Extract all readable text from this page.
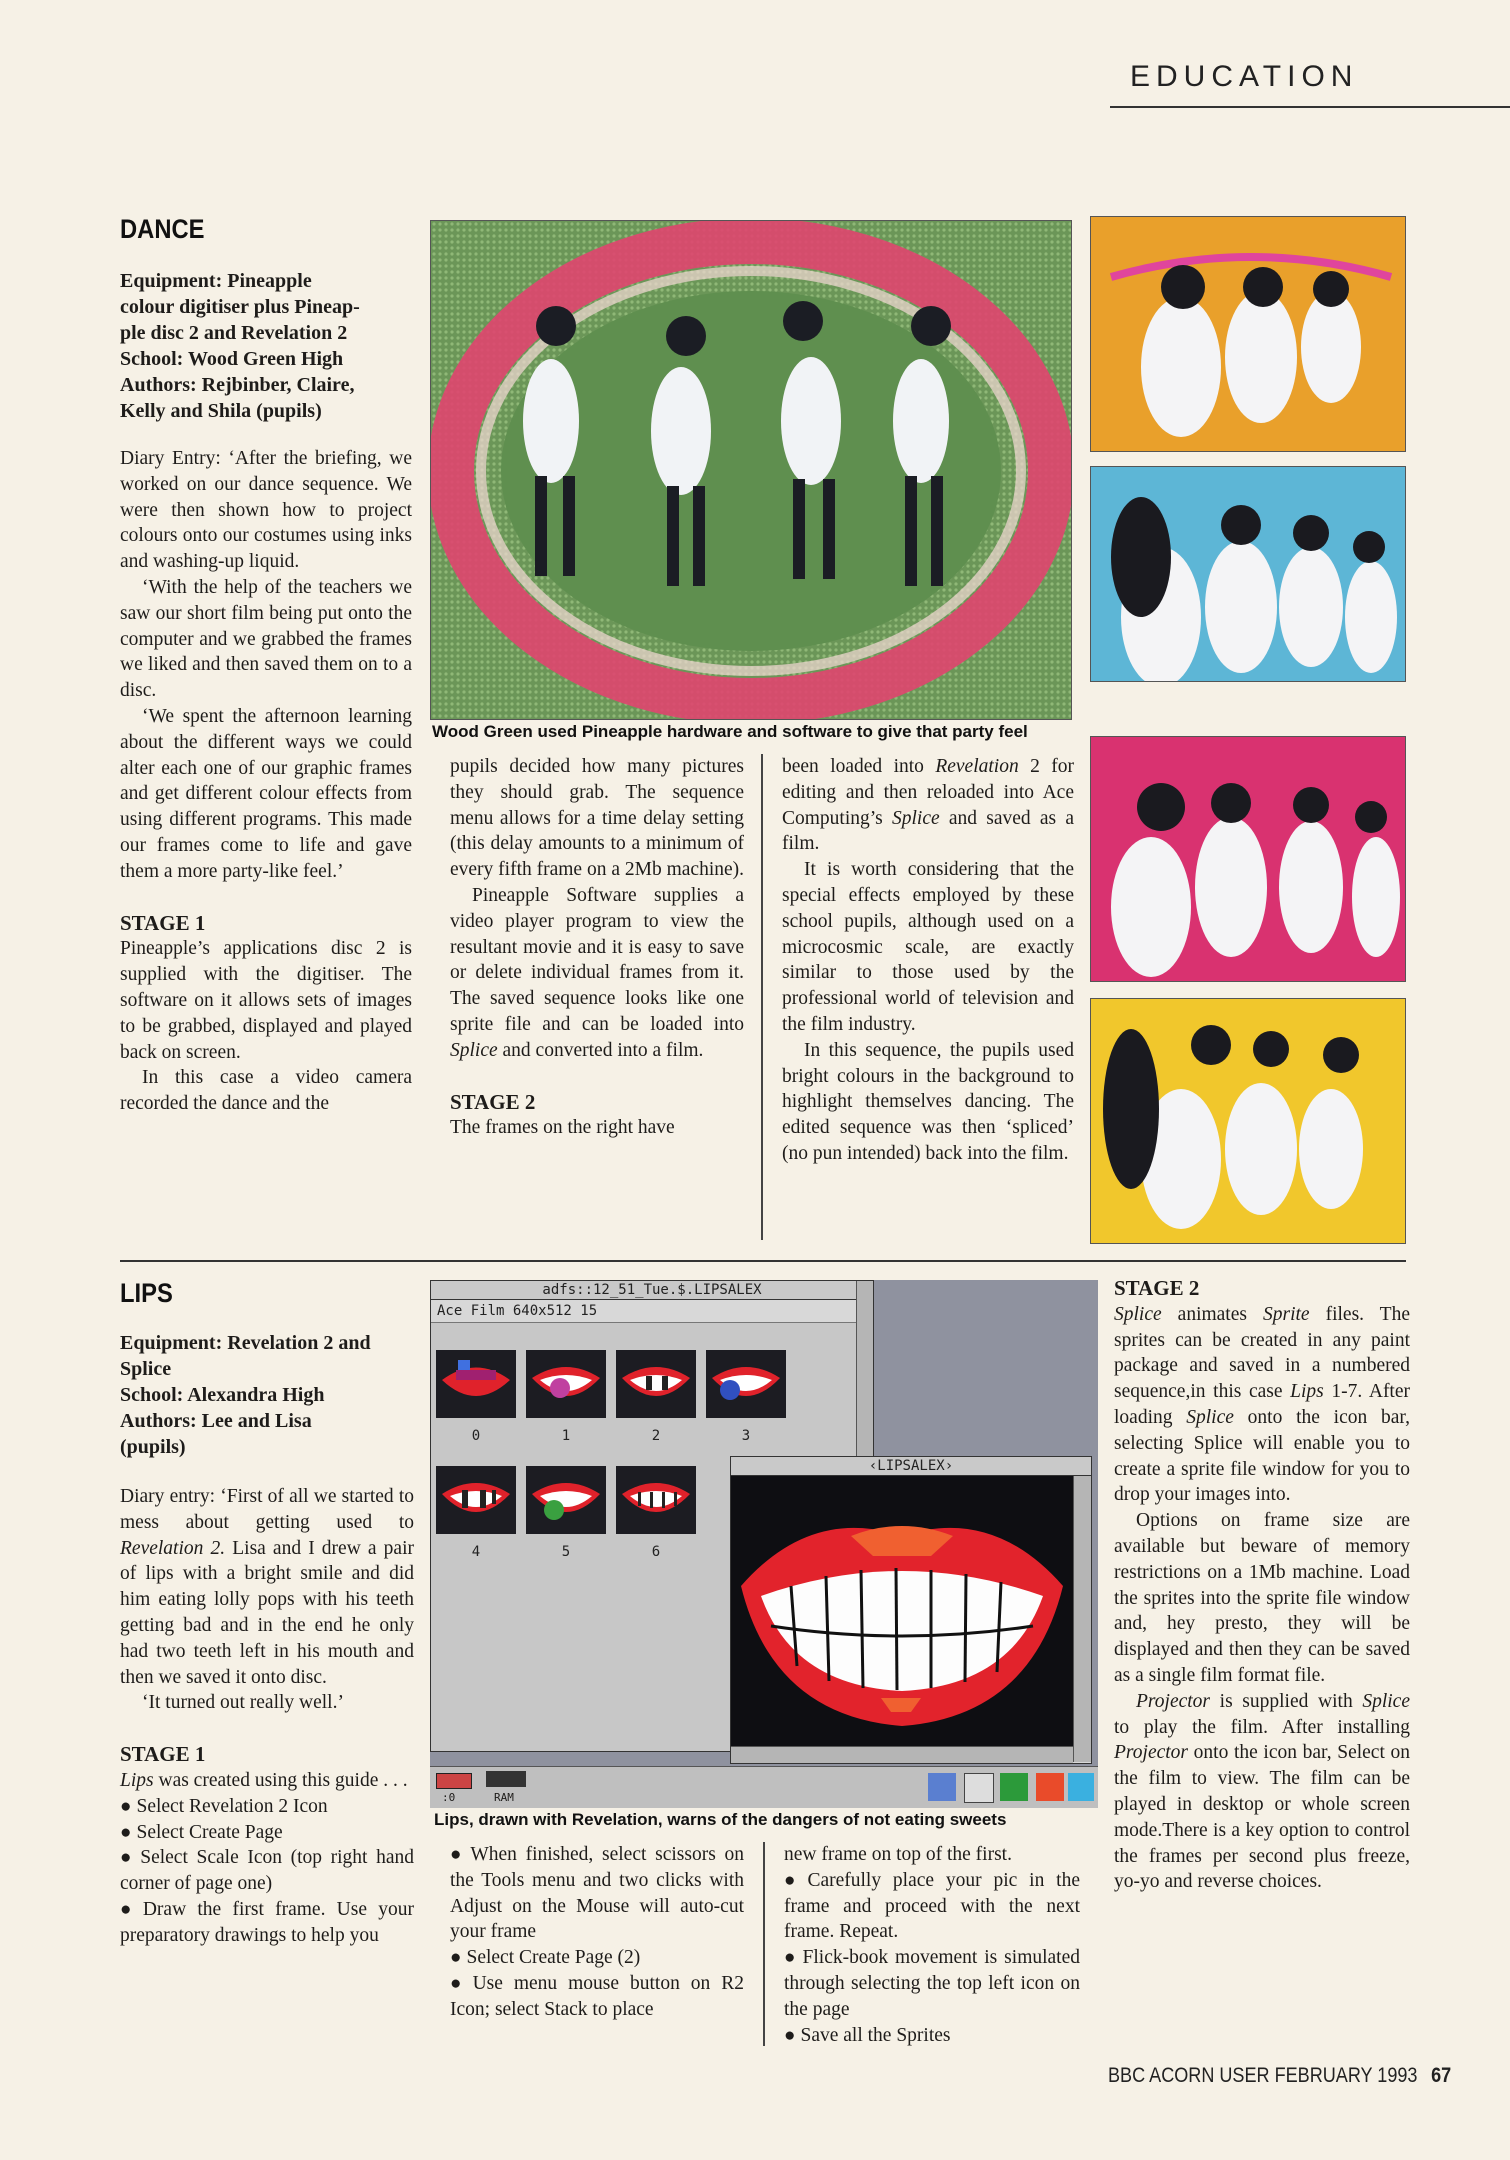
EDUCATION
DANCE

Equipment: Pineapple

colour digitiser plus Pineap-

ple disc 2 and Revelation 2

School: Wood Green High

Authors: Rejbinber, Claire,

Kelly and Shila (pupils)

Diary Entry: ‘After the briefing, we worked on our dance sequence. We were then shown how to project colours onto our costumes using inks and washing-up liquid.

‘With the help of the teachers we saw our short film being put onto the computer and we grabbed the frames we liked and then saved them on to a disc.

‘We spent the afternoon learning about the different ways we could alter each one of our graphic frames and get different colour effects from using different programs. This made our frames come to life and gave them a more party-like feel.’

STAGE 1

Pineapple’s applications disc 2 is supplied with the digitiser. The software on it allows sets of images to be grabbed, displayed and played back on screen.

In this case a video camera recorded the dance and the

Wood Green used Pineapple hardware and software to give that party feel

pupils decided how many pictures they should grab. The sequence menu allows for a time delay setting (this delay amounts to a minimum of every fifth frame on a 2Mb machine).

Pineapple Software supplies a video player program to view the resultant movie and it is easy to save or delete individual frames from it. The saved sequence looks like one sprite file and can be loaded into Splice and converted into a film.

STAGE 2

The frames on the right have

been loaded into Revelation 2 for editing and then reloaded into Ace Computing’s Splice and saved as a film.

It is worth considering that the special effects employed by these school pupils, although used on a microcosmic scale, are exactly similar to those used by the professional world of television and the film industry.

In this sequence, the pupils used bright colours in the background to highlight themselves dancing. The edited sequence was then ‘spliced’ (no pun intended) back into the film.

LIPS

Equipment: Revelation 2 and

Splice

School: Alexandra High

Authors: Lee and Lisa

(pupils)

Diary entry: ‘First of all we started to mess about getting used to Revelation 2. Lisa and I drew a pair of lips with a bright smile and did him eating lolly pops with his teeth getting bad and in the end he only had two teeth left in his mouth and then we saved it onto disc.

‘It turned out really well.’

STAGE 1

Lips was created using this guide . . .

● Select Revelation 2 Icon
● Select Create Page
● Select Scale Icon (top right hand corner of page one)
● Draw the first frame. Use your preparatory drawings to help you
adfs::12_51_Tue.$.LIPSALEX
Ace Film 640x512 15
0	1	2	3
4	5	6
‹LIPSALEX›
:0	RAM
Lips, drawn with Revelation, warns of the dangers of not eating sweets
● When finished, select scissors on the Tools menu and two clicks with Adjust on the Mouse will auto-cut your frame
● Select Create Page (2)
● Use menu mouse button on R2 Icon; select Stack to place

new frame on top of the first.

● Carefully place your pic in the frame and proceed with the next frame. Repeat.
● Flick-book movement is simulated through selecting the top left icon on the page
● Save all the Sprites

STAGE 2

Splice animates Sprite files. The sprites can be created in any paint package and saved in a numbered sequence,in this case Lips 1-7. After loading Splice onto the icon bar, selecting Splice will enable you to create a sprite file window for you to drop your images into.

Options on frame size are available but beware of memory restrictions on a 1Mb machine. Load the sprites into the sprite file window and, hey presto, they will be displayed and then they can be saved as a single film format file.

Projector is supplied with Splice to play the film. After installing Projector onto the icon bar, Select on the film to view. The film can be played in desktop or whole screen mode.There is a key option to control the frames per second plus freeze, yo-yo and reverse choices.

BBC ACORN USER FEBRUARY 1993 67
